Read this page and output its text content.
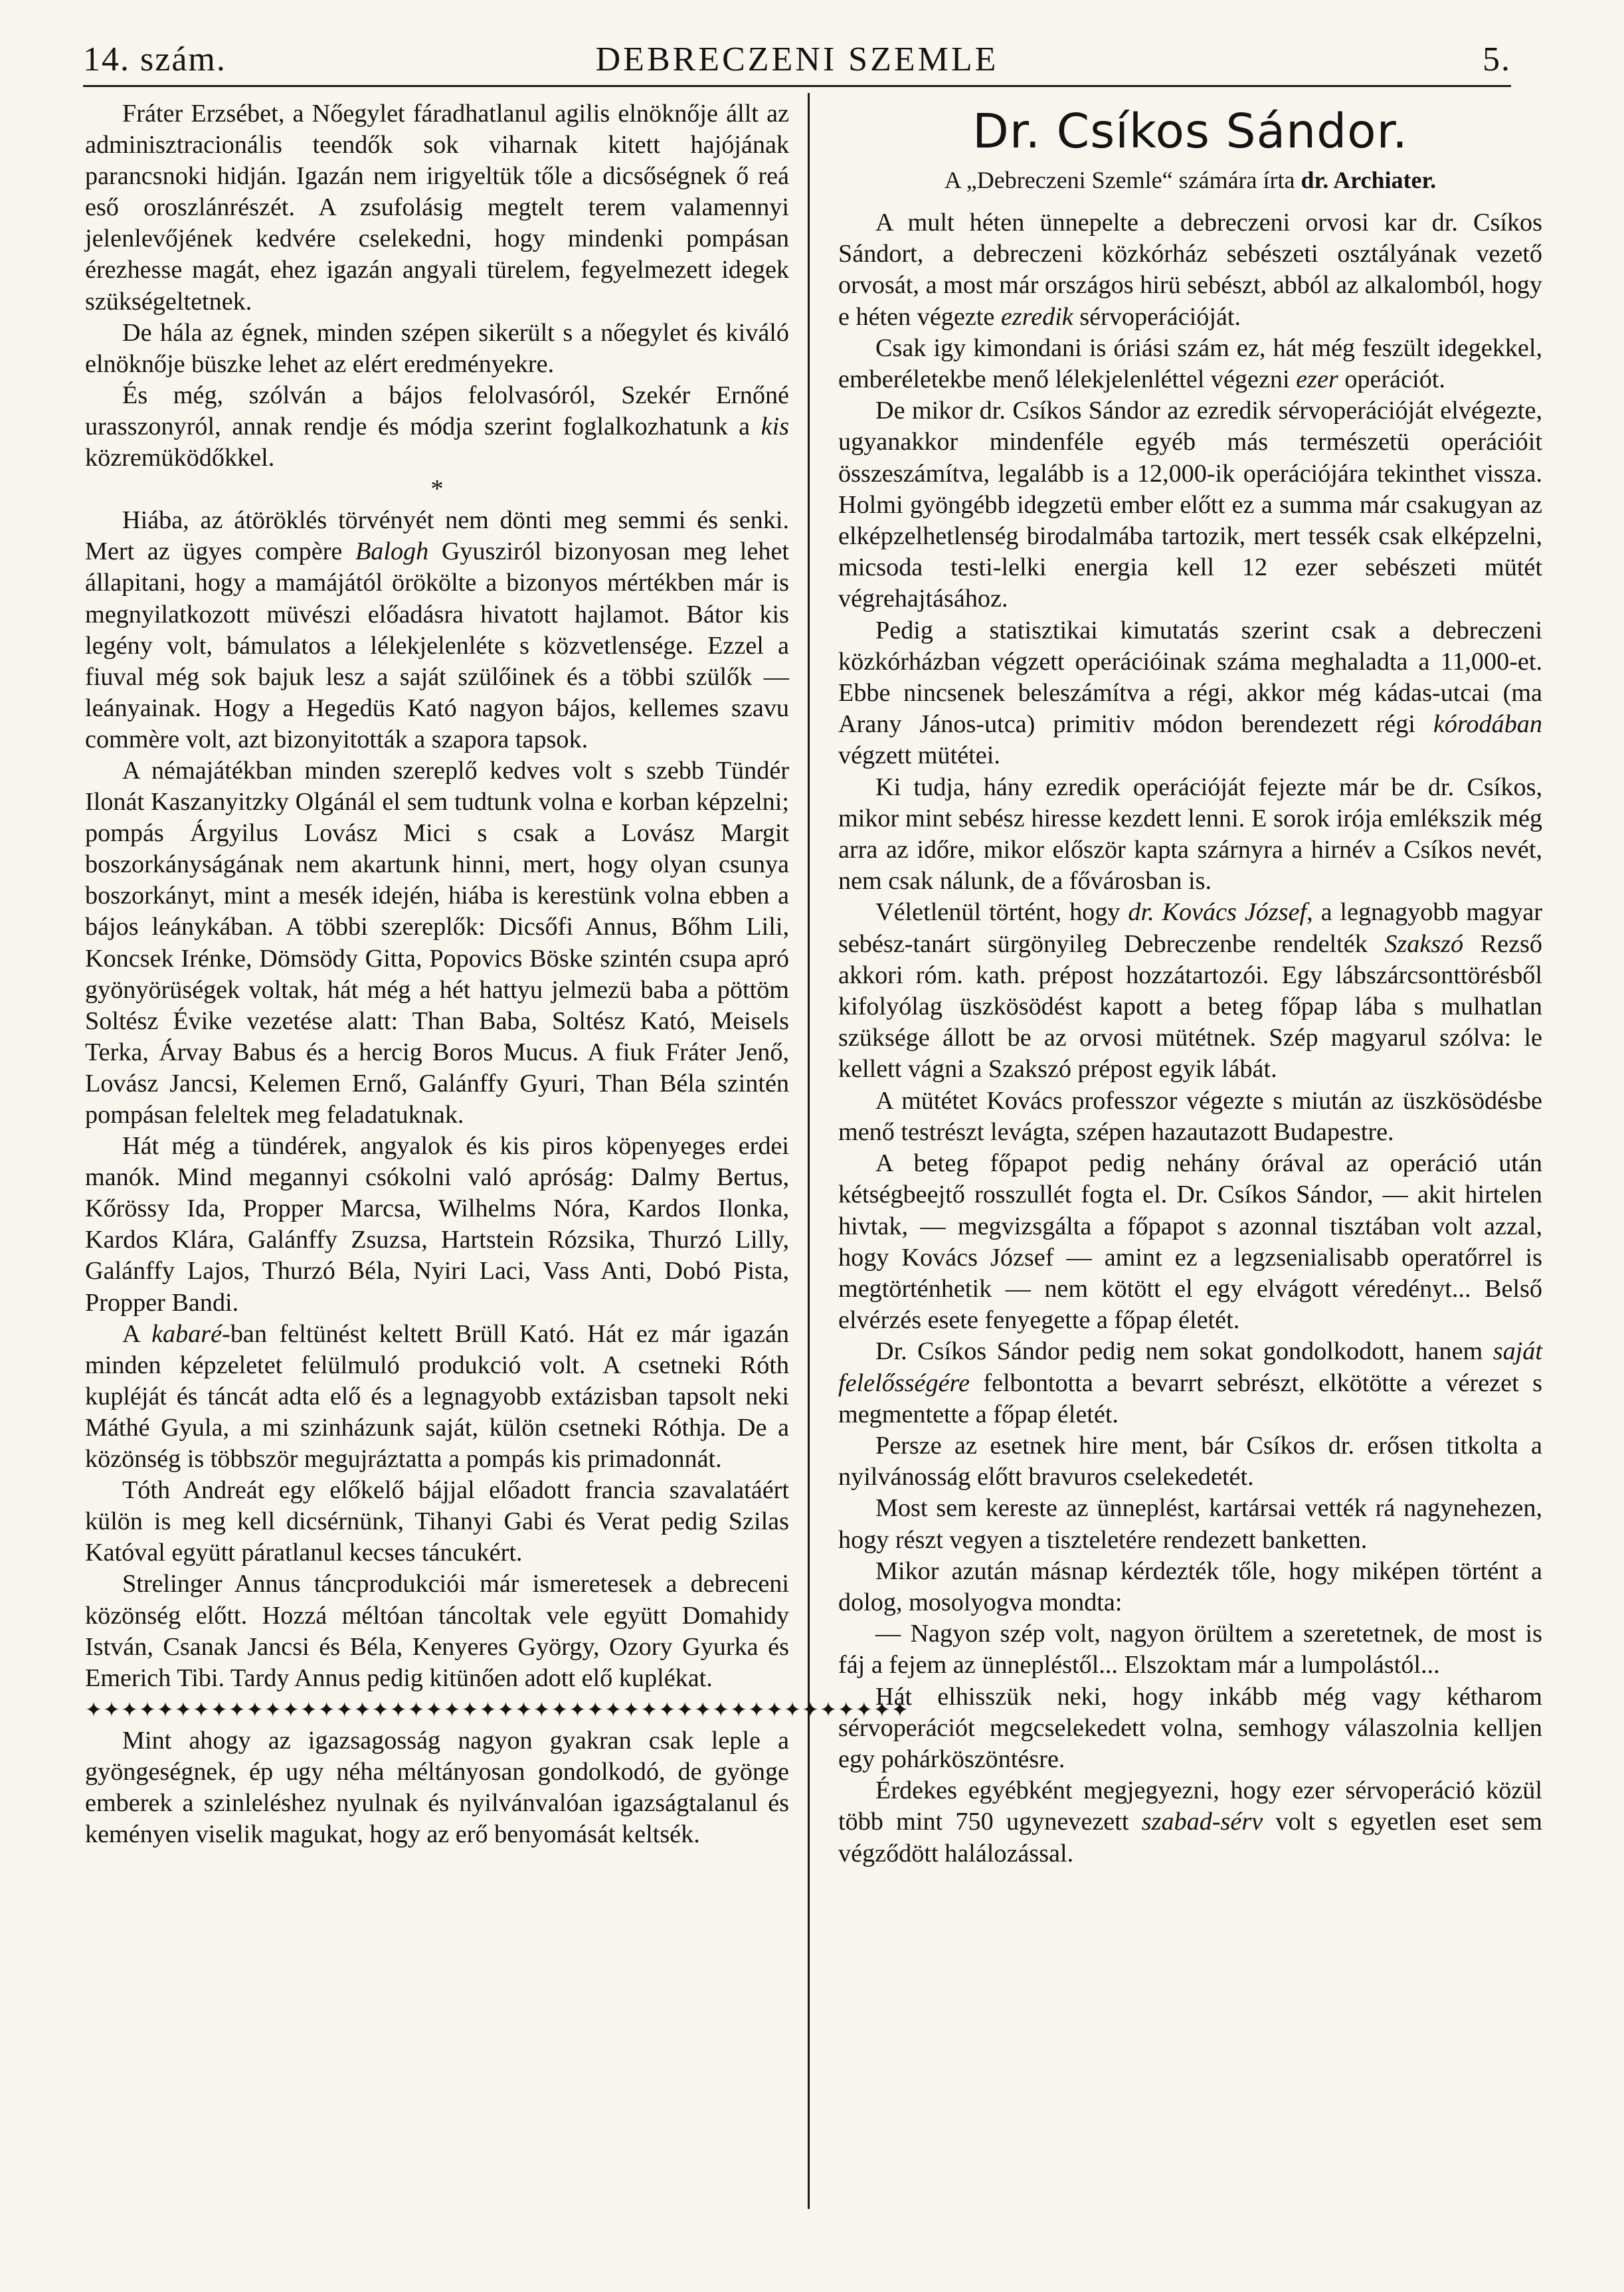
14. szám.	DEBRECZENI SZEMLE	5.

Fráter Erzsébet, a Nőegylet fáradhatlanul agilis elnöknője állt az adminisztracionális teendők sok viharnak kitett hajójának parancsnoki hidján. Igazán nem irigyeltük tőle a dicsőségnek ő reá eső oroszlánrészét. A zsufolásig megtelt terem valamennyi jelenlevőjének kedvére cselekedni, hogy mindenki pompásan érezhesse magát, ehez igazán angyali türelem, fegyelmezett idegek szükségeltetnek.

De hála az égnek, minden szépen sikerült s a nőegylet és kiváló elnöknője büszke lehet az elért eredményekre.

És még, szólván a bájos felolvasóról, Szekér Ernőné urasszonyról, annak rendje és módja szerint foglalkozhatunk a kis közremüködőkkel.

*

Hiába, az átöröklés törvényét nem dönti meg semmi és senki. Mert az ügyes compère Balogh Gyusziról bizonyosan meg lehet állapitani, hogy a mamájától örökölte a bizonyos mértékben már is megnyilatkozott müvészi előadásra hivatott hajlamot. Bátor kis legény volt, bámulatos a lélekjelenléte s közvetlensége. Ezzel a fiuval még sok bajuk lesz a saját szülőinek és a többi szülők — leányainak. Hogy a Hegedüs Kató nagyon bájos, kellemes szavu commère volt, azt bizonyitották a szapora tapsok.

A némajátékban minden szereplő kedves volt s szebb Tündér Ilonát Kaszanyitzky Olgánál el sem tudtunk volna e korban képzelni; pompás Árgyilus Lovász Mici s csak a Lovász Margit boszorkányságának nem akartunk hinni, mert, hogy olyan csunya boszorkányt, mint a mesék idején, hiába is kerestünk volna ebben a bájos leánykában. A többi szereplők: Dicsőfi Annus, Bőhm Lili, Koncsek Irénke, Dömsödy Gitta, Popovics Böske szintén csupa apró gyönyörüségek voltak, hát még a hét hattyu jelmezü baba a pöttöm Soltész Évike vezetése alatt: Than Baba, Soltész Kató, Meisels Terka, Árvay Babus és a hercig Boros Mucus. A fiuk Fráter Jenő, Lovász Jancsi, Kelemen Ernő, Galánffy Gyuri, Than Béla szintén pompásan feleltek meg feladatuknak.

Hát még a tündérek, angyalok és kis piros köpenyeges erdei manók. Mind megannyi csókolni való apróság: Dalmy Bertus, Kőrössy Ida, Propper Marcsa, Wilhelms Nóra, Kardos Ilonka, Kardos Klára, Galánffy Zsuzsa, Hartstein Rózsika, Thurzó Lilly, Galánffy Lajos, Thurzó Béla, Nyiri Laci, Vass Anti, Dobó Pista, Propper Bandi.

A kabaré-ban feltünést keltett Brüll Kató. Hát ez már igazán minden képzeletet felülmuló produkció volt. A csetneki Róth kupléját és táncát adta elő és a legnagyobb extázisban tapsolt neki Máthé Gyula, a mi szinházunk saját, külön csetneki Róthja. De a közönség is többször megujráztatta a pompás kis primadonnát.

Tóth Andreát egy előkelő bájjal előadott francia szavalatáért külön is meg kell dicsérnünk, Tihanyi Gabi és Verat pedig Szilas Katóval együtt páratlanul kecses táncukért.

Strelinger Annus táncprodukciói már ismeretesek a debreceni közönség előtt. Hozzá méltóan táncoltak vele együtt Domahidy István, Csanak Jancsi és Béla, Kenyeres György, Ozory Gyurka és Emerich Tibi. Tardy Annus pedig kitünően adott elő kuplékat.

✦✦✦✦✦✦✦✦✦✦✦✦✦✦✦✦✦✦✦✦✦✦✦✦✦✦✦✦✦✦✦✦✦✦✦✦✦✦✦✦✦✦✦✦✦✦

Mint ahogy az igazsagosság nagyon gyakran csak leple a gyöngeségnek, ép ugy néha méltányosan gondolkodó, de gyönge emberek a szinleléshez nyulnak és nyilvánvalóan igazságtalanul és keményen viselik magukat, hogy az erő benyomását keltsék.

Dr. Csíkos Sándor.
A „Debreczeni Szemle“ számára írta dr. Archiater.

A mult héten ünnepelte a debreczeni orvosi kar dr. Csíkos Sándort, a debreczeni közkórház sebészeti osztályának vezető orvosát, a most már országos hirü sebészt, abból az alkalomból, hogy e héten végezte ezredik sérvoperációját.

Csak igy kimondani is óriási szám ez, hát még feszült idegekkel, emberéletekbe menő lélekjelenléttel végezni ezer operációt.

De mikor dr. Csíkos Sándor az ezredik sérvoperációját elvégezte, ugyanakkor mindenféle egyéb más természetü operációit összeszámítva, legalább is a 12,000-ik operációjára tekinthet vissza. Holmi gyöngébb idegzetü ember előtt ez a summa már csakugyan az elképzelhetlenség birodalmába tartozik, mert tessék csak elképzelni, micsoda testi-lelki energia kell 12 ezer sebészeti mütét végrehajtásához.

Pedig a statisztikai kimutatás szerint csak a debreczeni közkórházban végzett operációinak száma meghaladta a 11,000-et. Ebbe nincsenek beleszámítva a régi, akkor még kádas-utcai (ma Arany János-utca) primitiv módon berendezett régi kórodában végzett mütétei.

Ki tudja, hány ezredik operációját fejezte már be dr. Csíkos, mikor mint sebész hiresse kezdett lenni. E sorok irója emlékszik még arra az időre, mikor először kapta szárnyra a hirnév a Csíkos nevét, nem csak nálunk, de a fővárosban is.

Véletlenül történt, hogy dr. Kovács József, a legnagyobb magyar sebész-tanárt sürgönyileg Debreczenbe rendelték Szakszó Rezső akkori róm. kath. prépost hozzátartozói. Egy lábszárcsonttörésből kifolyólag üszkösödést kapott a beteg főpap lába s mulhatlan szüksége állott be az orvosi mütétnek. Szép magyarul szólva: le kellett vágni a Szakszó prépost egyik lábát.

A mütétet Kovács professzor végezte s miután az üszkösödésbe menő testrészt levágta, szépen hazautazott Budapestre.

A beteg főpapot pedig nehány órával az operáció után kétségbeejtő rosszullét fogta el. Dr. Csíkos Sándor, — akit hirtelen hivtak, — megvizsgálta a főpapot s azonnal tisztában volt azzal, hogy Kovács József — amint ez a legzsenialisabb operatőrrel is megtörténhetik — nem kötött el egy elvágott véredényt... Belső elvérzés esete fenyegette a főpap életét.

Dr. Csíkos Sándor pedig nem sokat gondolkodott, hanem saját felelősségére felbontotta a bevarrt sebrészt, elkötötte a vérezet s megmentette a főpap életét.

Persze az esetnek hire ment, bár Csíkos dr. erősen titkolta a nyilvánosság előtt bravuros cselekedetét.

Most sem kereste az ünneplést, kartársai vették rá nagynehezen, hogy részt vegyen a tiszteletére rendezett banketten.

Mikor azután másnap kérdezték tőle, hogy miképen történt a dolog, mosolyogva mondta:

— Nagyon szép volt, nagyon örültem a szeretetnek, de most is fáj a fejem az ünnepléstől... Elszoktam már a lumpolástól...

Hát elhisszük neki, hogy inkább még vagy kétharom sérvoperációt megcselekedett volna, semhogy válaszolnia kelljen egy pohárköszöntésre.

Érdekes egyébként megjegyezni, hogy ezer sérvoperáció közül több mint 750 ugynevezett szabad-sérv volt s egyetlen eset sem végződött halálozással.
